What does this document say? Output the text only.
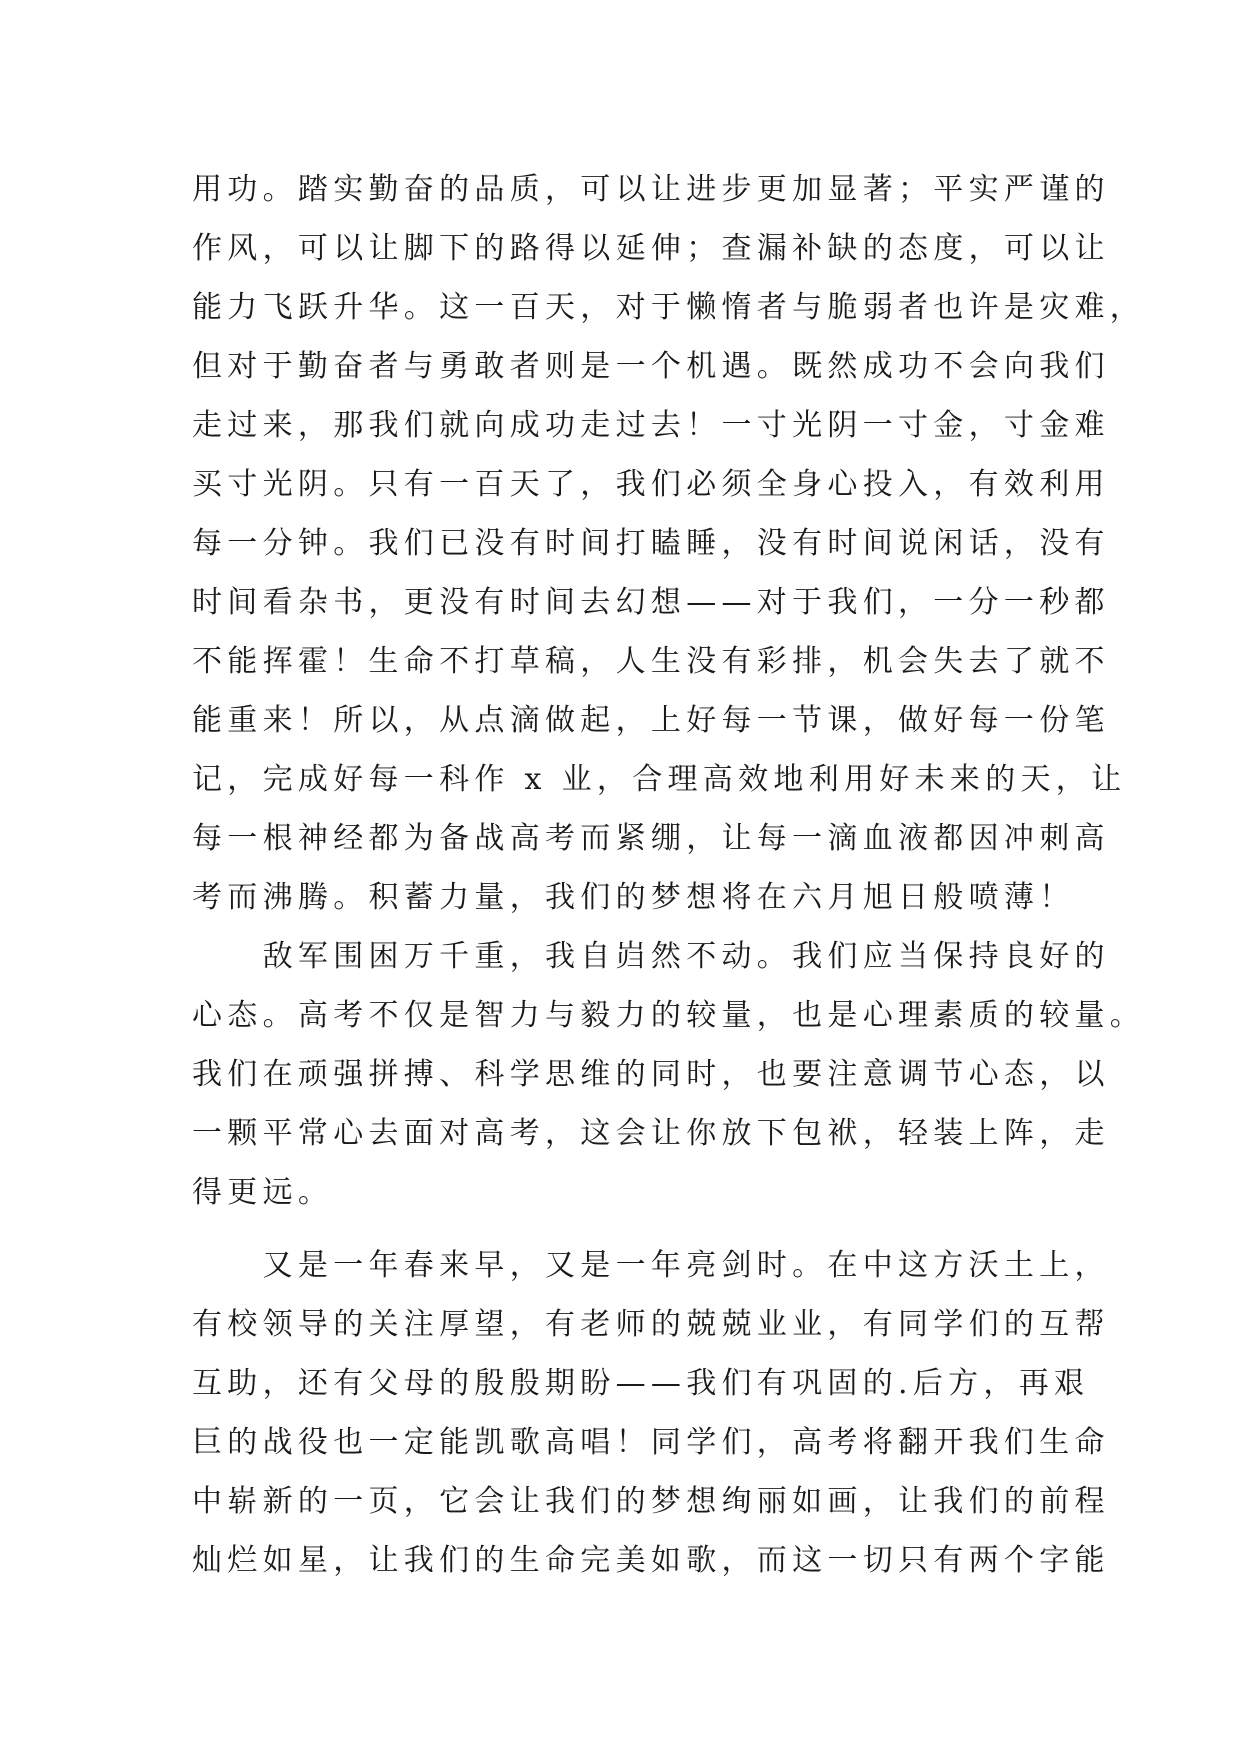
用功。踏实勤奋的品质，可以让进步更加显著；平实严谨的
作风，可以让脚下的路得以延伸；查漏补缺的态度，可以让
能力飞跃升华。这一百天，对于懒惰者与脆弱者也许是灾难，
但对于勤奋者与勇敢者则是一个机遇。既然成功不会向我们
走过来，那我们就向成功走过去！一寸光阴一寸金，寸金难
买寸光阴。只有一百天了，我们必须全身心投入，有效利用
每一分钟。我们已没有时间打瞌睡，没有时间说闲话，没有
时间看杂书，更没有时间去幻想——对于我们，一分一秒都
不能挥霍！生命不打草稿，人生没有彩排，机会失去了就不
能重来！所以，从点滴做起，上好每一节课，做好每一份笔
记，完成好每一科作 x 业，合理高效地利用好未来的天，让
每一根神经都为备战高考而紧绷，让每一滴血液都因冲刺高
考而沸腾。积蓄力量，我们的梦想将在六月旭日般喷薄！
　　敌军围困万千重，我自岿然不动。我们应当保持良好的
心态。高考不仅是智力与毅力的较量，也是心理素质的较量。
我们在顽强拼搏、科学思维的同时，也要注意调节心态，以
一颗平常心去面对高考，这会让你放下包袱，轻装上阵，走
得更远。
　　又是一年春来早，又是一年亮剑时。在中这方沃土上，
有校领导的关注厚望，有老师的兢兢业业，有同学们的互帮
互助，还有父母的殷殷期盼——我们有巩固的.后方，再艰
巨的战役也一定能凯歌高唱！同学们，高考将翻开我们生命
中崭新的一页，它会让我们的梦想绚丽如画，让我们的前程
灿烂如星，让我们的生命完美如歌，而这一切只有两个字能
